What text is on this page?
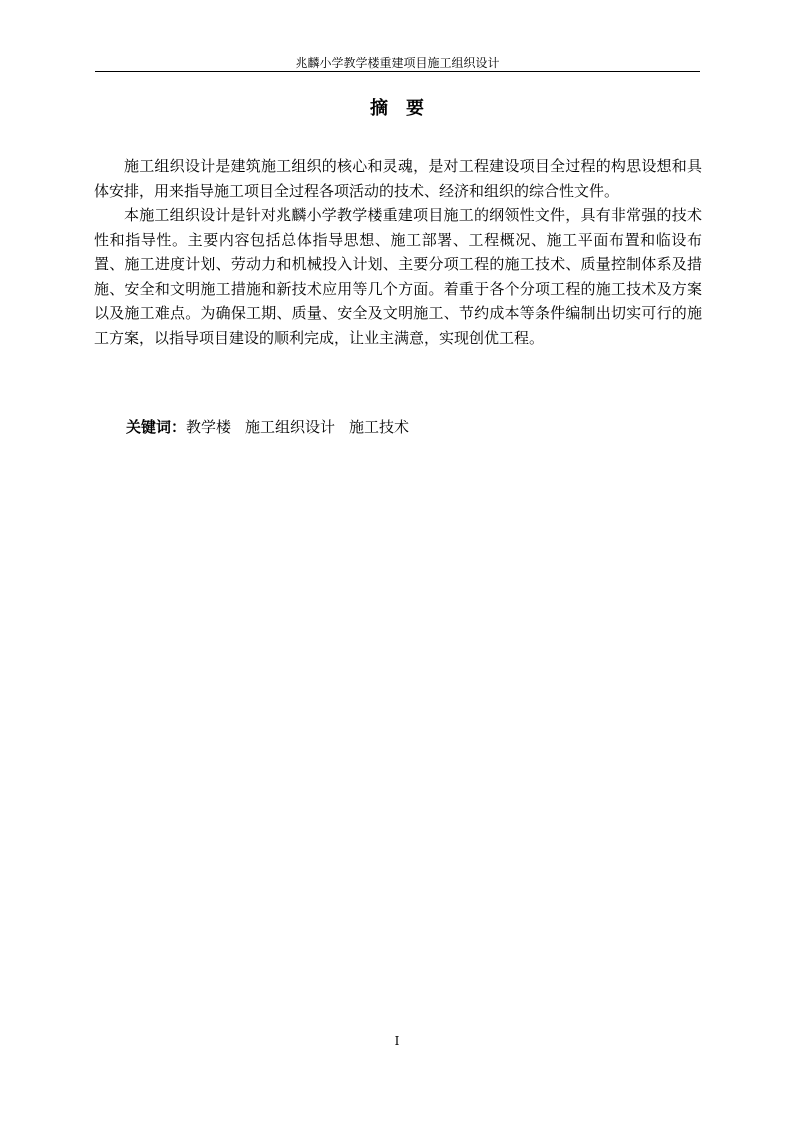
兆麟小学教学楼重建项目施工组织设计
摘要

施工组织设计是建筑施工组织的核心和灵魂，是对工程建设项目全过程的构思设想和具体安排，用来指导施工项目全过程各项活动的技术、经济和组织的综合性文件。

本施工组织设计是针对兆麟小学教学楼重建项目施工的纲领性文件，具有非常强的技术性和指导性。主要内容包括总体指导思想、施工部署、工程概况、施工平面布置和临设布置、施工进度计划、劳动力和机械投入计划、主要分项工程的施工技术、质量控制体系及措施、安全和文明施工措施和新技术应用等几个方面。着重于各个分项工程的施工技术及方案以及施工难点。为确保工期、质量、安全及文明施工、节约成本等条件编制出切实可行的施工方案，以指导项目建设的顺利完成，让业主满意，实现创优工程。

关键词：教学楼 施工组织设计 施工技术
I
